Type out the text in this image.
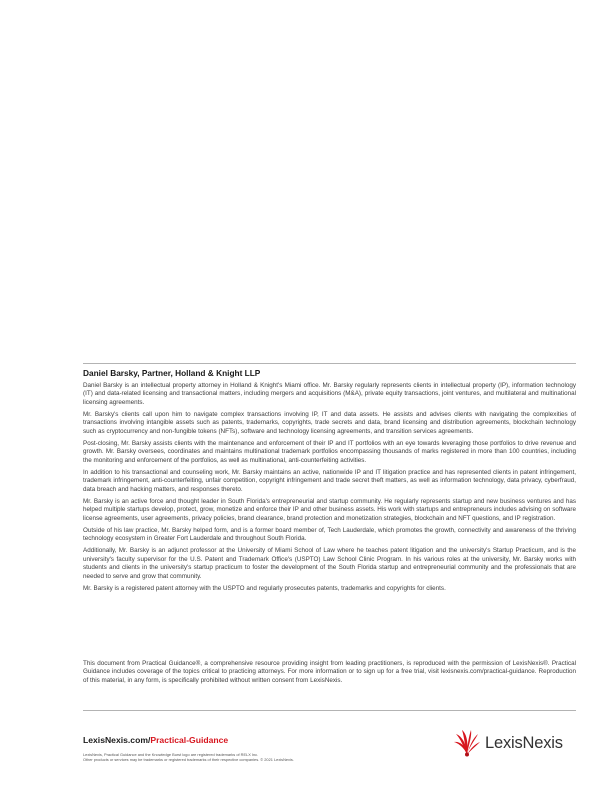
Daniel Barsky, Partner, Holland & Knight LLP

Daniel Barsky is an intellectual property attorney in Holland & Knight's Miami office. Mr. Barsky regularly represents clients in intellectual property (IP), information technology (IT) and data-related licensing and transactional matters, including mergers and acquisitions (M&A), private equity transactions, joint ventures, and multilateral and multinational licensing agreements.

Mr. Barsky's clients call upon him to navigate complex transactions involving IP, IT and data assets. He assists and advises clients with navigating the complexities of transactions involving intangible assets such as patents, trademarks, copyrights, trade secrets and data, brand licensing and distribution agreements, blockchain technology such as cryptocurrency and non-fungible tokens (NFTs), software and technology licensing agreements, and transition services agreements.

Post-closing, Mr. Barsky assists clients with the maintenance and enforcement of their IP and IT portfolios with an eye towards leveraging those portfolios to drive revenue and growth. Mr. Barsky oversees, coordinates and maintains multinational trademark portfolios encompassing thousands of marks registered in more than 100 countries, including the monitoring and enforcement of the portfolios, as well as multinational, anti-counterfeiting activities.

In addition to his transactional and counseling work, Mr. Barsky maintains an active, nationwide IP and IT litigation practice and has represented clients in patent infringement, trademark infringement, anti-counterfeiting, unfair competition, copyright infringement and trade secret theft matters, as well as information technology, data privacy, cyberfraud, data breach and hacking matters, and responses thereto.

Mr. Barsky is an active force and thought leader in South Florida's entrepreneurial and startup community. He regularly represents startup and new business ventures and has helped multiple startups develop, protect, grow, monetize and enforce their IP and other business assets. His work with startups and entrepreneurs includes advising on software license agreements, user agreements, privacy policies, brand clearance, brand protection and monetization strategies, blockchain and NFT questions, and IP registration.

Outside of his law practice, Mr. Barsky helped form, and is a former board member of, Tech Lauderdale, which promotes the growth, connectivity and awareness of the thriving technology ecosystem in Greater Fort Lauderdale and throughout South Florida.

Additionally, Mr. Barsky is an adjunct professor at the University of Miami School of Law where he teaches patent litigation and the university's Startup Practicum, and is the university's faculty supervisor for the U.S. Patent and Trademark Office's (USPTO) Law School Clinic Program. In his various roles at the university, Mr. Barsky works with students and clients in the university's startup practicum to foster the development of the South Florida startup and entrepreneurial community and the professionals that are needed to serve and grow that community.

Mr. Barsky is a registered patent attorney with the USPTO and regularly prosecutes patents, trademarks and copyrights for clients.

This document from Practical Guidance®, a comprehensive resource providing insight from leading practitioners, is reproduced with the permission of LexisNexis®. Practical Guidance includes coverage of the topics critical to practicing attorneys. For more information or to sign up for a free trial, visit lexisnexis.com/practical-guidance. Reproduction of this material, in any form, is specifically prohibited without written consent from LexisNexis.

LexisNexis.com/Practical-Guidance
LexisNexis, Practical Guidance and the Knowledge Burst logo are registered trademarks of RELX Inc.
Other products or services may be trademarks or registered trademarks of their respective companies. © 2021 LexisNexis.
LexisNexis
